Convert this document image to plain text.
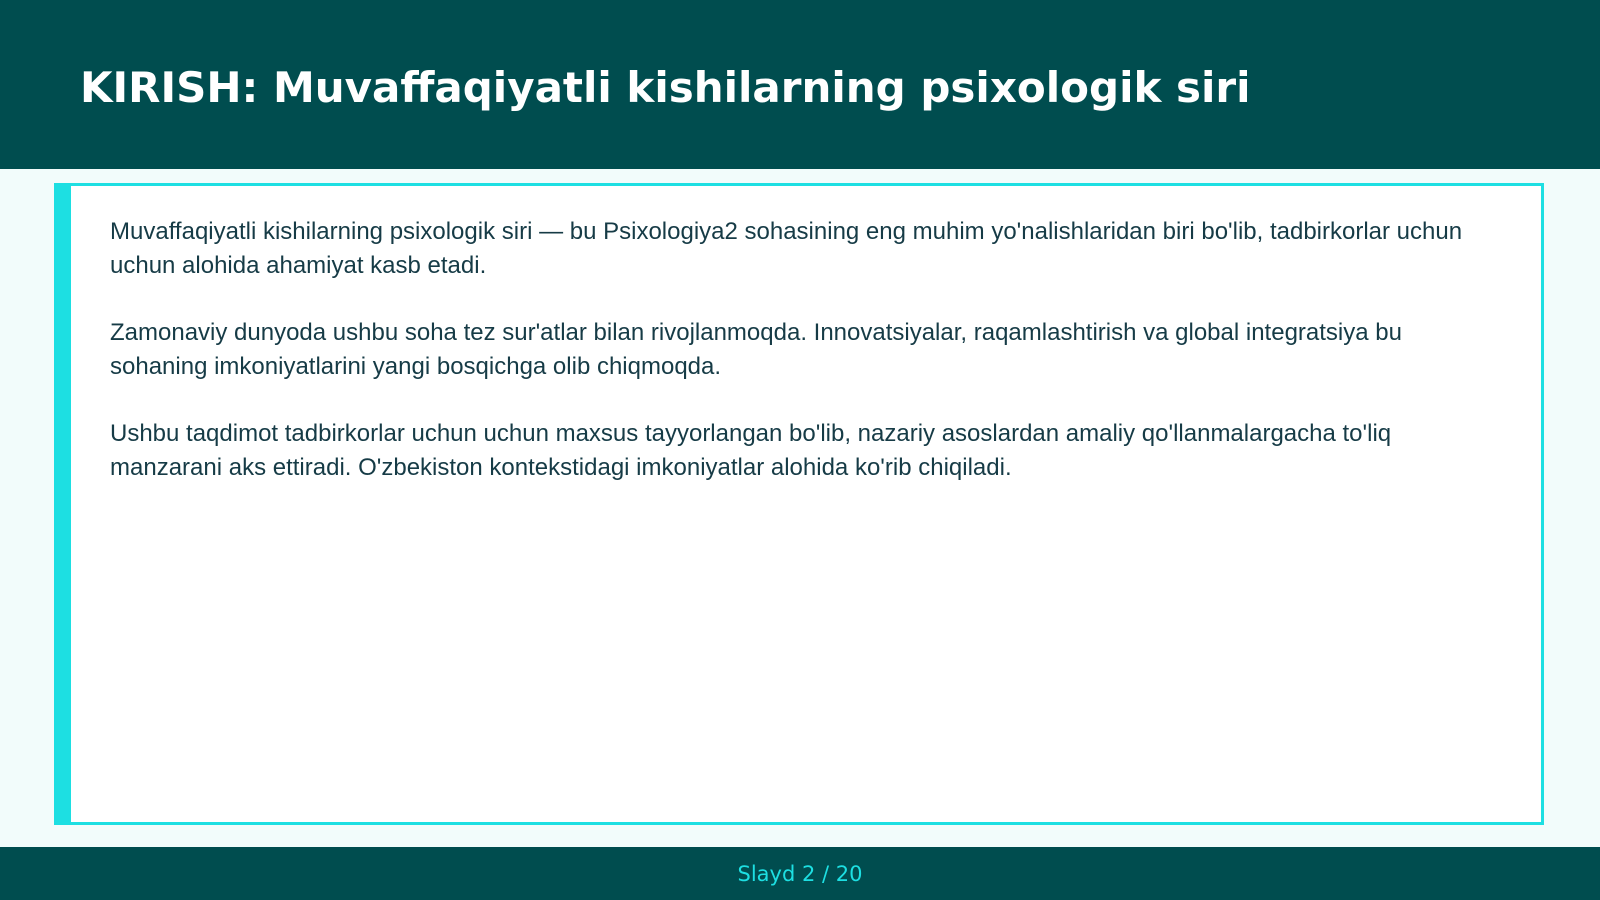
KIRISH: Muvaffaqiyatli kishilarning psixologik siri

Muvaffaqiyatli kishilarning psixologik siri — bu Psixologiya2 sohasining eng muhim yo'nalishlaridan biri bo'lib, tadbirkorlar uchun uchun alohida ahamiyat kasb etadi.

Zamonaviy dunyoda ushbu soha tez sur'atlar bilan rivojlanmoqda. Innovatsiyalar, raqamlashtirish va global integratsiya bu sohaning imkoniyatlarini yangi bosqichga olib chiqmoqda.

Ushbu taqdimot tadbirkorlar uchun uchun maxsus tayyorlangan bo'lib, nazariy asoslardan amaliy qo'llanmalargacha to'liq manzarani aks ettiradi. O'zbekiston kontekstidagi imkoniyatlar alohida ko'rib chiqiladi.

Slayd 2 / 20
